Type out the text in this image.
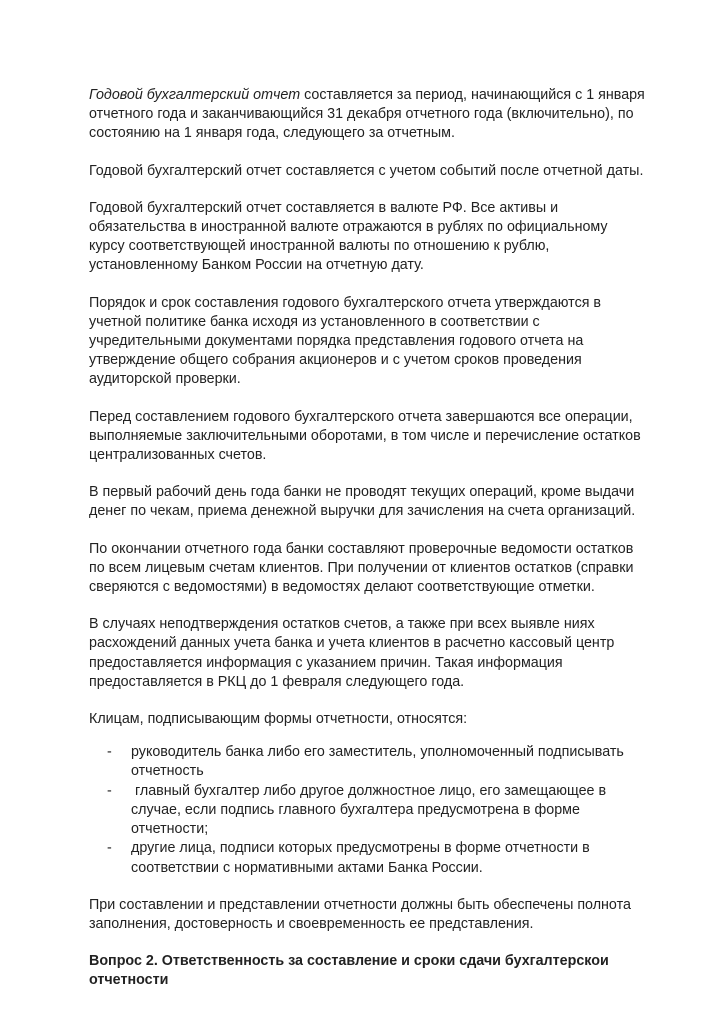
Годовой бухгалтерский отчет составляется за период, начинающийся с 1 января отчетного года и заканчивающийся 31 декабря отчетного года (включительно), по состоянию на 1 января года, следующего за отчетным.

Годовой бухгалтерский отчет составляется с учетом событий после отчетной даты.

Годовой бухгалтерский отчет составляется в валюте РФ. Все активы и обязательства в иностранной валюте отражаются в рублях по официальному курсу соответствующей иностранной валюты по отношению к рублю, установленному Банком России на отчетную дату.

Порядок и срок составления годового бухгалтерского отчета утверждаются в учетной политике банка исходя из установленного в соответствии с учредительными документами порядка представления годового отчета на утверждение общего собрания акционеров и с учетом сроков проведения аудиторской проверки.

Перед составлением годового бухгалтерского отчета завершаются все операции, выполняемые заключительными оборотами, в том числе и перечисление остатков централизованных счетов.

В первый рабочий день года банки не проводят текущих операций, кроме выдачи денег по чекам, приема денежной выручки для зачисления на счета организаций.

По окончании отчетного года банки составляют проверочные ведомости остатков по всем лицевым счетам клиентов. При получении от клиентов остатков (справки сверяются с ведомостями) в ведомостях делают соответствующие отметки.

В случаях неподтверждения остатков счетов, а также при всех выявле ниях расхождений данных учета банка и учета клиентов в расчетно кассовый центр предоставляется информация с указанием причин. Такая информация предоставляется в РКЦ до 1 февраля следующего года.

Клицам, подписывающим формы отчетности, относятся:

- руководитель банка либо его заместитель, уполномоченный подписывать отчетность
- главный бухгалтер либо другое должностное лицо, его замещающее в случае, если подпись главного бухгалтера предусмотрена в форме отчетности;
- другие лица, подписи которых предусмотрены в форме отчетности в соответствии с нормативными актами Банка России.

При составлении и представлении отчетности должны быть обеспечены полнота заполнения, достоверность и своевременность ее представления.

Вопрос 2. Ответственность за составление и сроки сдачи бухгалтерскои отчетности
